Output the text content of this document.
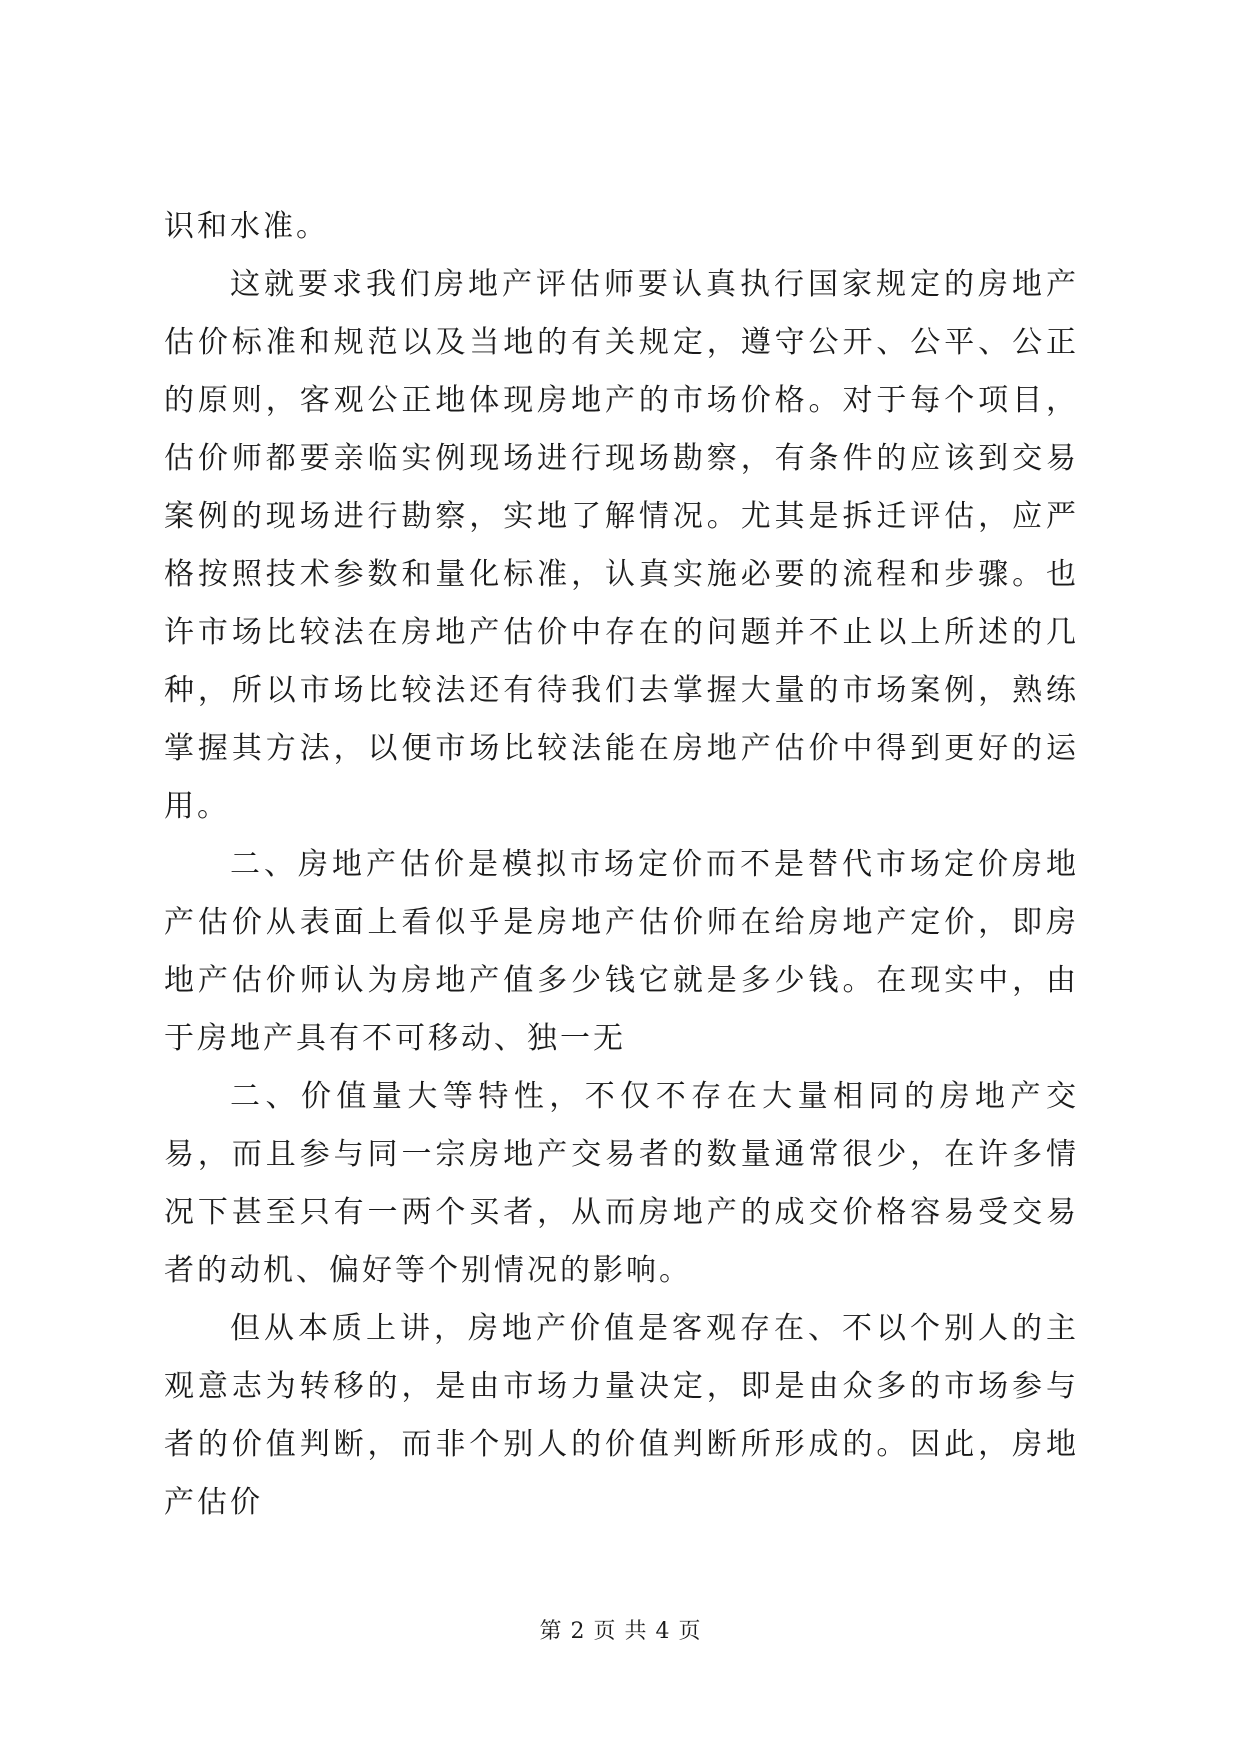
识和水准。

这就要求我们房地产评估师要认真执行国家规定的房地产估价标准和规范以及当地的有关规定，遵守公开、公平、公正的原则，客观公正地体现房地产的市场价格。对于每个项目，估价师都要亲临实例现场进行现场勘察，有条件的应该到交易案例的现场进行勘察，实地了解情况。尤其是拆迁评估，应严格按照技术参数和量化标准，认真实施必要的流程和步骤。也许市场比较法在房地产估价中存在的问题并不止以上所述的几种，所以市场比较法还有待我们去掌握大量的市场案例，熟练掌握其方法，以便市场比较法能在房地产估价中得到更好的运用。

二、房地产估价是模拟市场定价而不是替代市场定价房地产估价从表面上看似乎是房地产估价师在给房地产定价，即房地产估价师认为房地产值多少钱它就是多少钱。在现实中，由于房地产具有不可移动、独一无

二、价值量大等特性，不仅不存在大量相同的房地产交易，而且参与同一宗房地产交易者的数量通常很少，在许多情况下甚至只有一两个买者，从而房地产的成交价格容易受交易者的动机、偏好等个别情况的影响。

但从本质上讲，房地产价值是客观存在、不以个别人的主观意志为转移的，是由市场力量决定，即是由众多的市场参与者的价值判断，而非个别人的价值判断所形成的。因此，房地产估价

第 2 页 共 4 页
